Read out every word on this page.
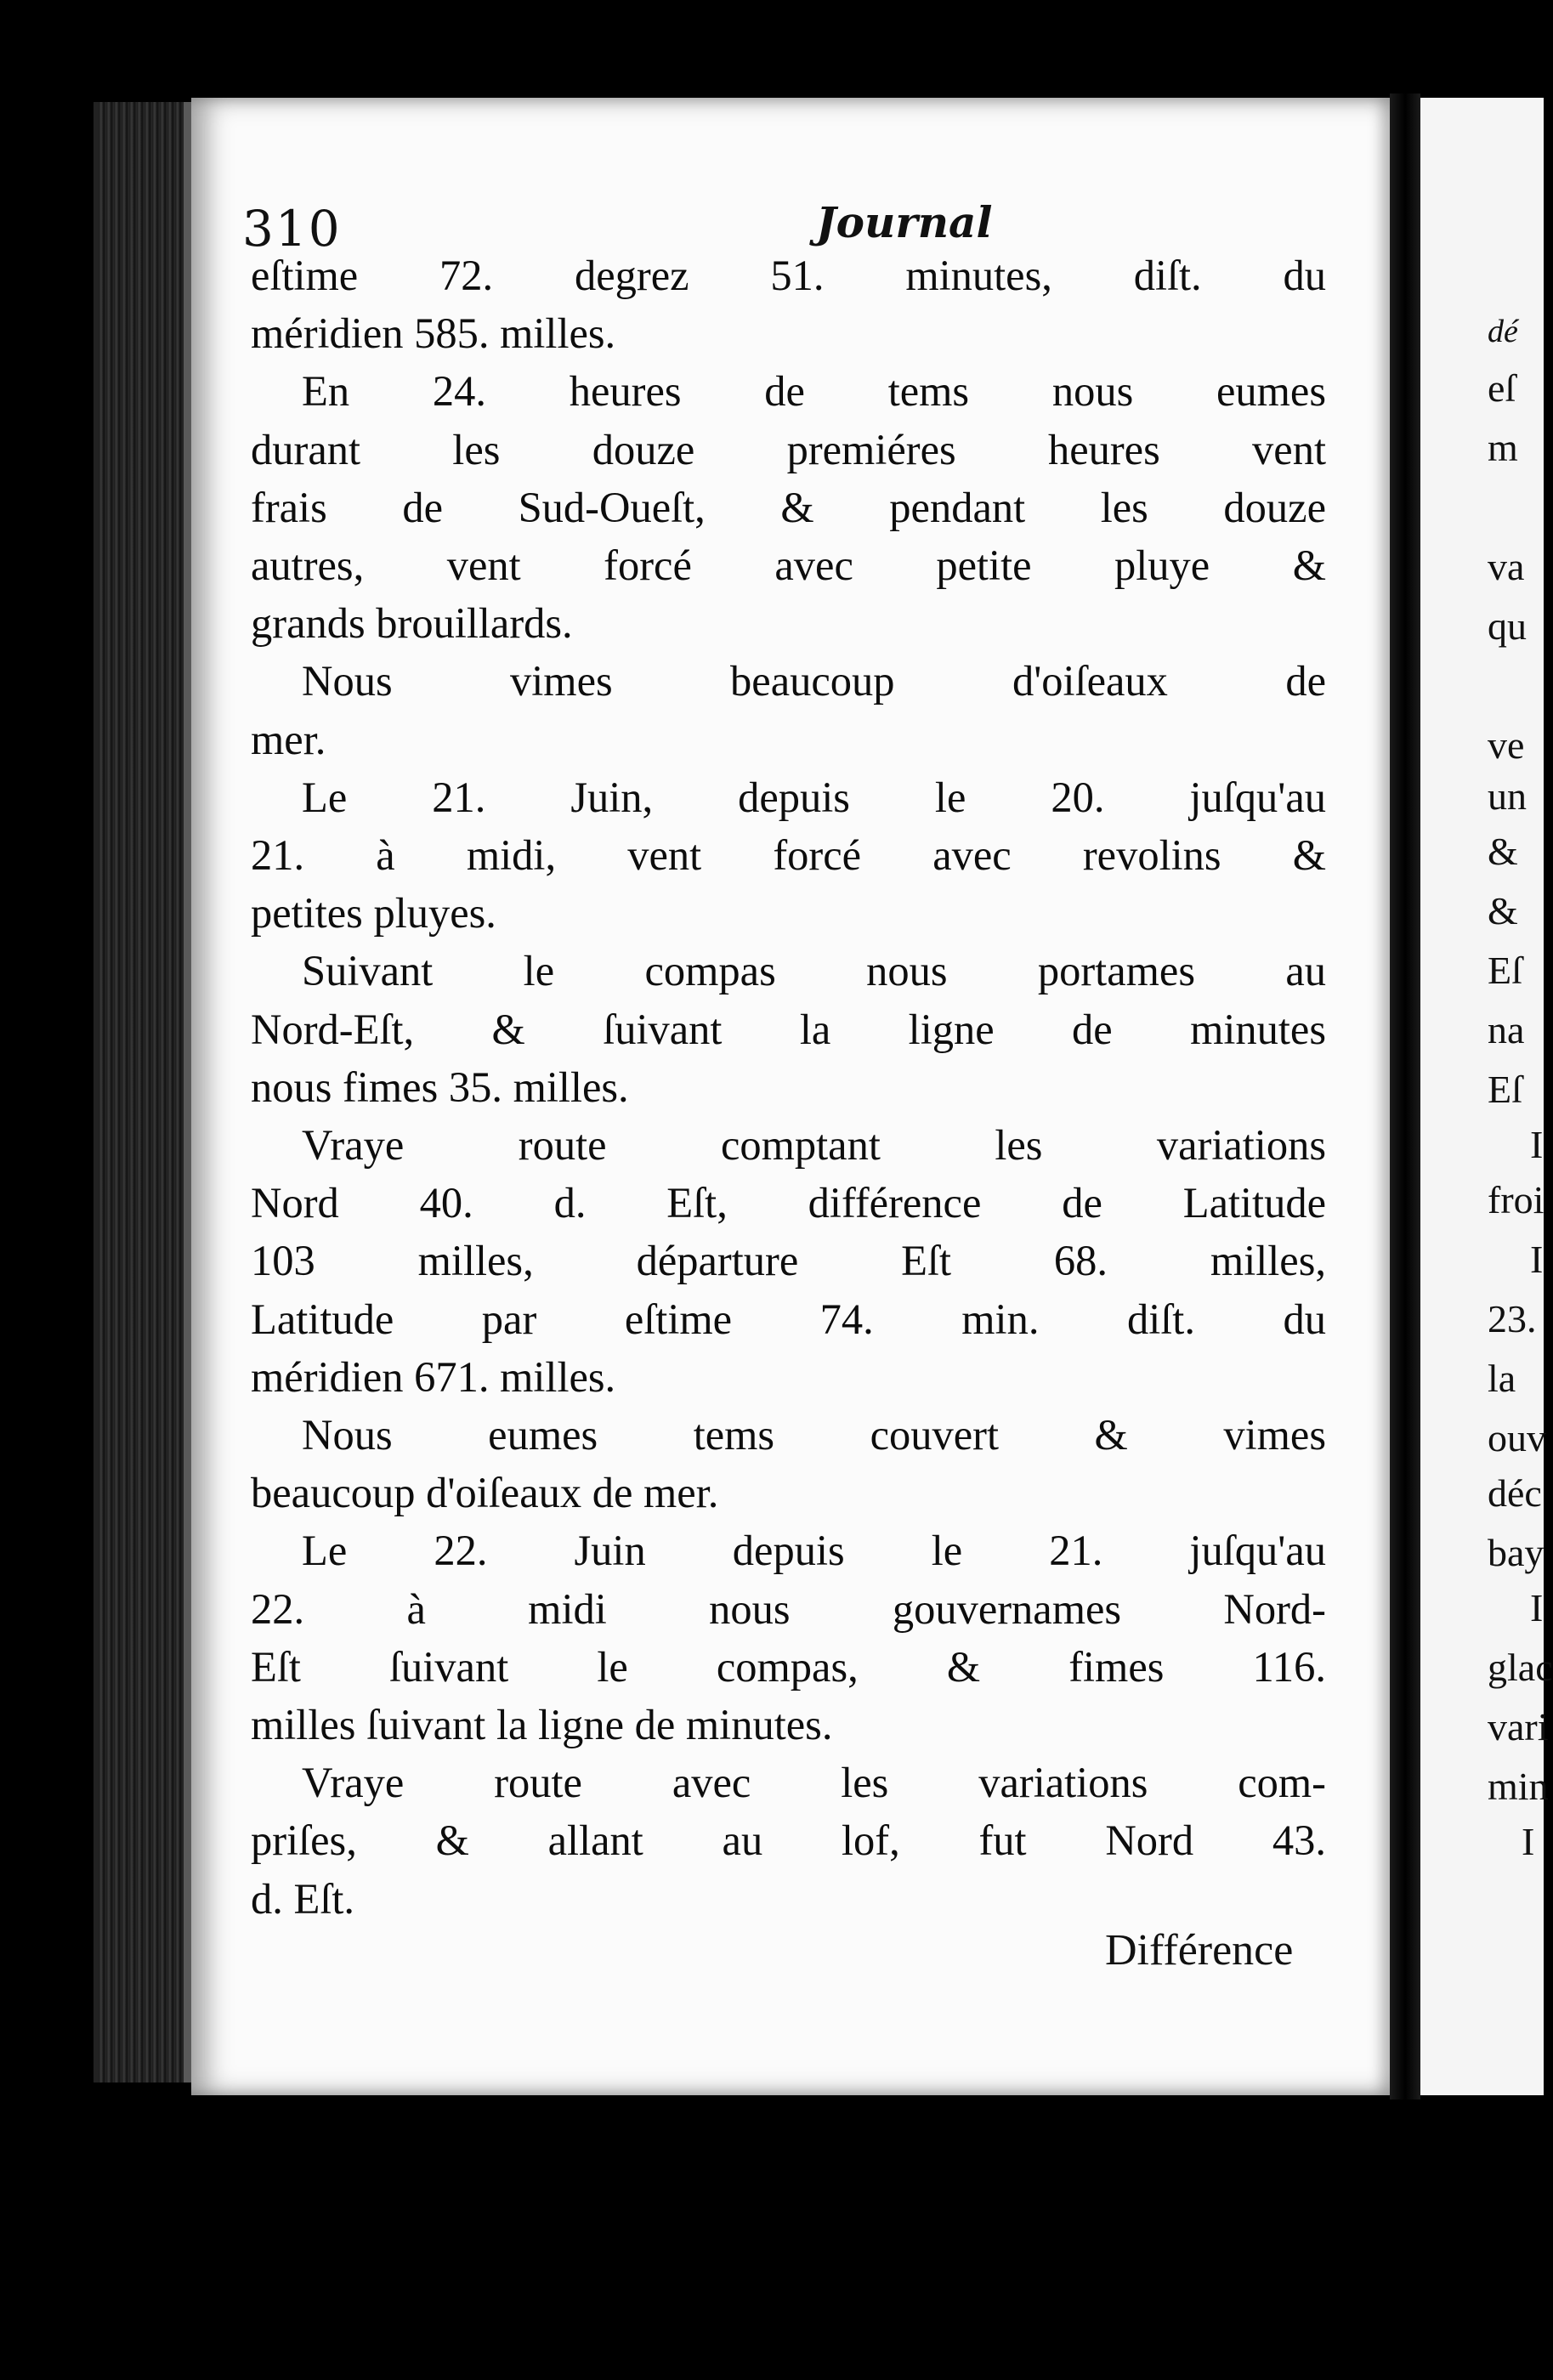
310	Journal
eſtime 72. degrez 51. minutes, diſt. du
méridien 585. milles.
En 24. heures de tems nous eumes
durant les douze premiéres heures vent
frais de Sud-Oueſt, & pendant les douze
autres, vent forcé avec petite pluye &
grands brouillards.
Nous vimes beaucoup d'oiſeaux de
mer.
Le 21. Juin, depuis le 20. juſqu'au
21. à midi, vent forcé avec revolins &
petites pluyes.
Suivant le compas nous portames au
Nord-Eſt, & ſuivant la ligne de minutes
nous fimes 35. milles.
Vraye route comptant les variations
Nord 40. d. Eſt, différence de Latitude
103 milles, départure Eſt 68. milles,
Latitude par eſtime 74. min. diſt. du
méridien 671. milles.
Nous eumes tems couvert & vimes
beaucoup d'oiſeaux de mer.
Le 22. Juin depuis le 21. juſqu'au
22. à midi nous gouvernames Nord-
Eſt ſuivant le compas, & fimes 116.
milles ſuivant la ligne de minutes.
Vraye route avec les variations com-
priſes, & allant au lof, fut Nord 43.
d. Eſt.
Différence
dé
eſ
m
va
qu
ve
un
&
&
Eſ
na
Eſ
I
froi
I
23.
la
ouv
déc
bay
I
glac
vari
min
I
